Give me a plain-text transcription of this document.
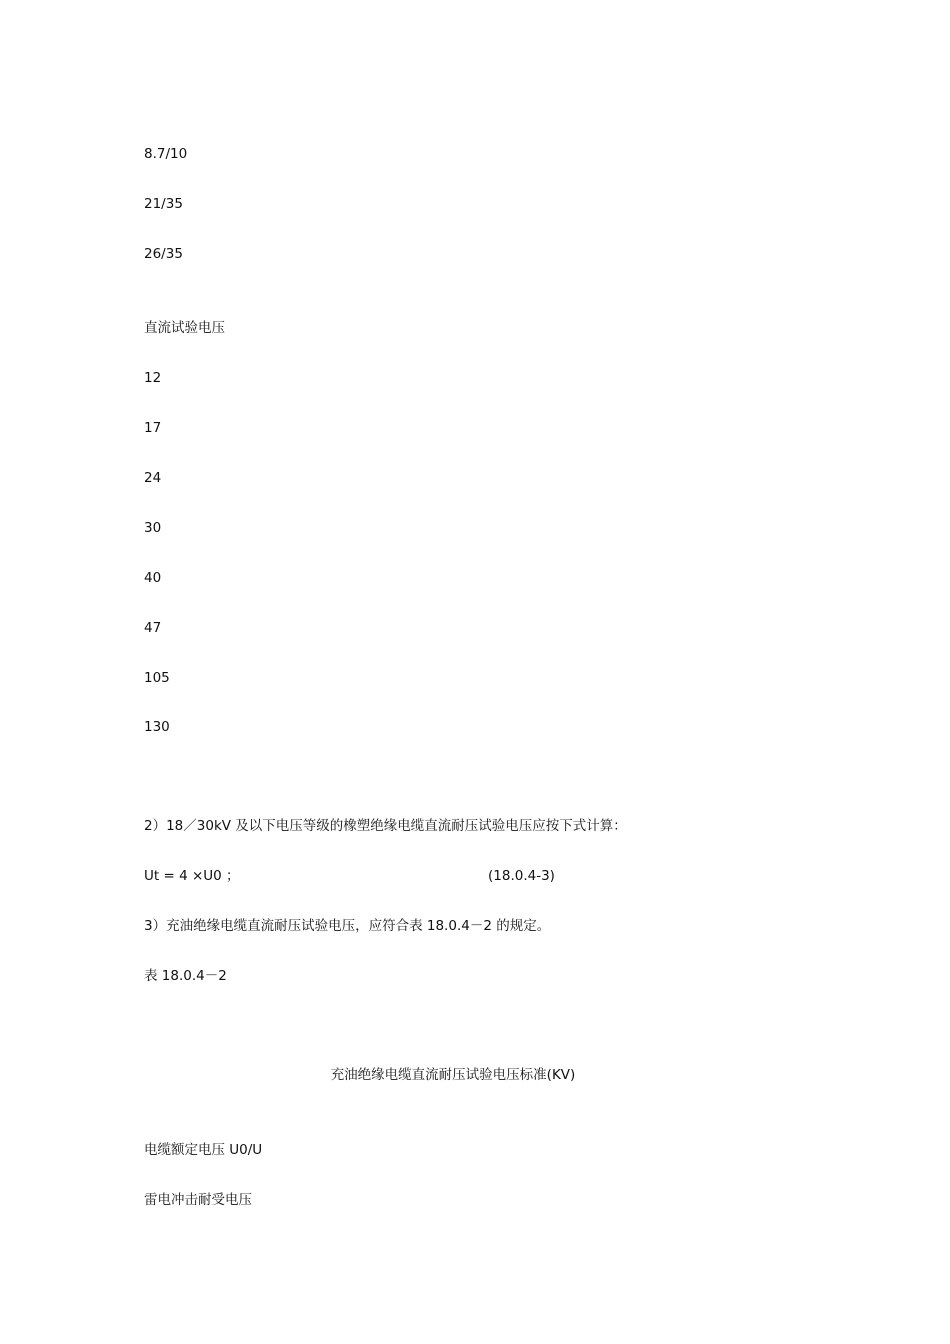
8.7/10
21/35
26/35
直流试验电压
12
17
24
30
40
47
105
130
2）18／30kV 及以下电压等级的橡塑绝缘电缆直流耐压试验电压应按下式计算：
Ut = 4 ×U0 ；	(18.0.4-3)
3）充油绝缘电缆直流耐压试验电压，应符合表 18.0.4－2 的规定。
表 18.0.4－2
充油绝缘电缆直流耐压试验电压标准(KV)
电缆额定电压 U0/U
雷电冲击耐受电压
